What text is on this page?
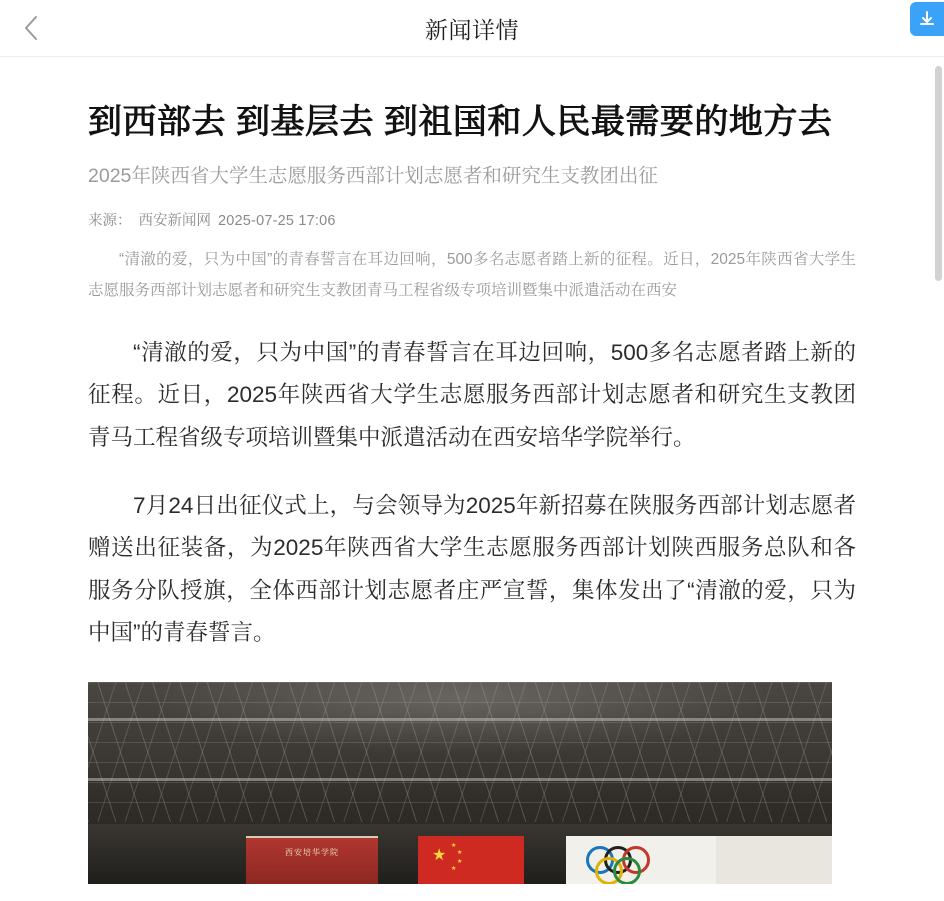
新闻详情
到西部去 到基层去 到祖国和人民最需要的地方去
2025年陕西省大学生志愿服务西部计划志愿者和研究生支教团出征
来源： 西安新闻网 2025-07-25 17:06
“清澈的爱，只为中国”的青春誓言在耳边回响，500多名志愿者踏上新的征程。近日，2025年陕西省大学生志愿服务西部计划志愿者和研究生支教团青马工程省级专项培训暨集中派遣活动在西安

“清澈的爱，只为中国”的青春誓言在耳边回响，500多名志愿者踏上新的征程。近日，2025年陕西省大学生志愿服务西部计划志愿者和研究生支教团青马工程省级专项培训暨集中派遣活动在西安培华学院举行。

7月24日出征仪式上，与会领导为2025年新招募在陕服务西部计划志愿者赠送出征装备，为2025年陕西省大学生志愿服务西部计划陕西服务总队和各服务分队授旗，全体西部计划志愿者庄严宣誓，集体发出了“清澈的爱，只为中国”的青春誓言。

西安培华学院	★
★
★
★
★
